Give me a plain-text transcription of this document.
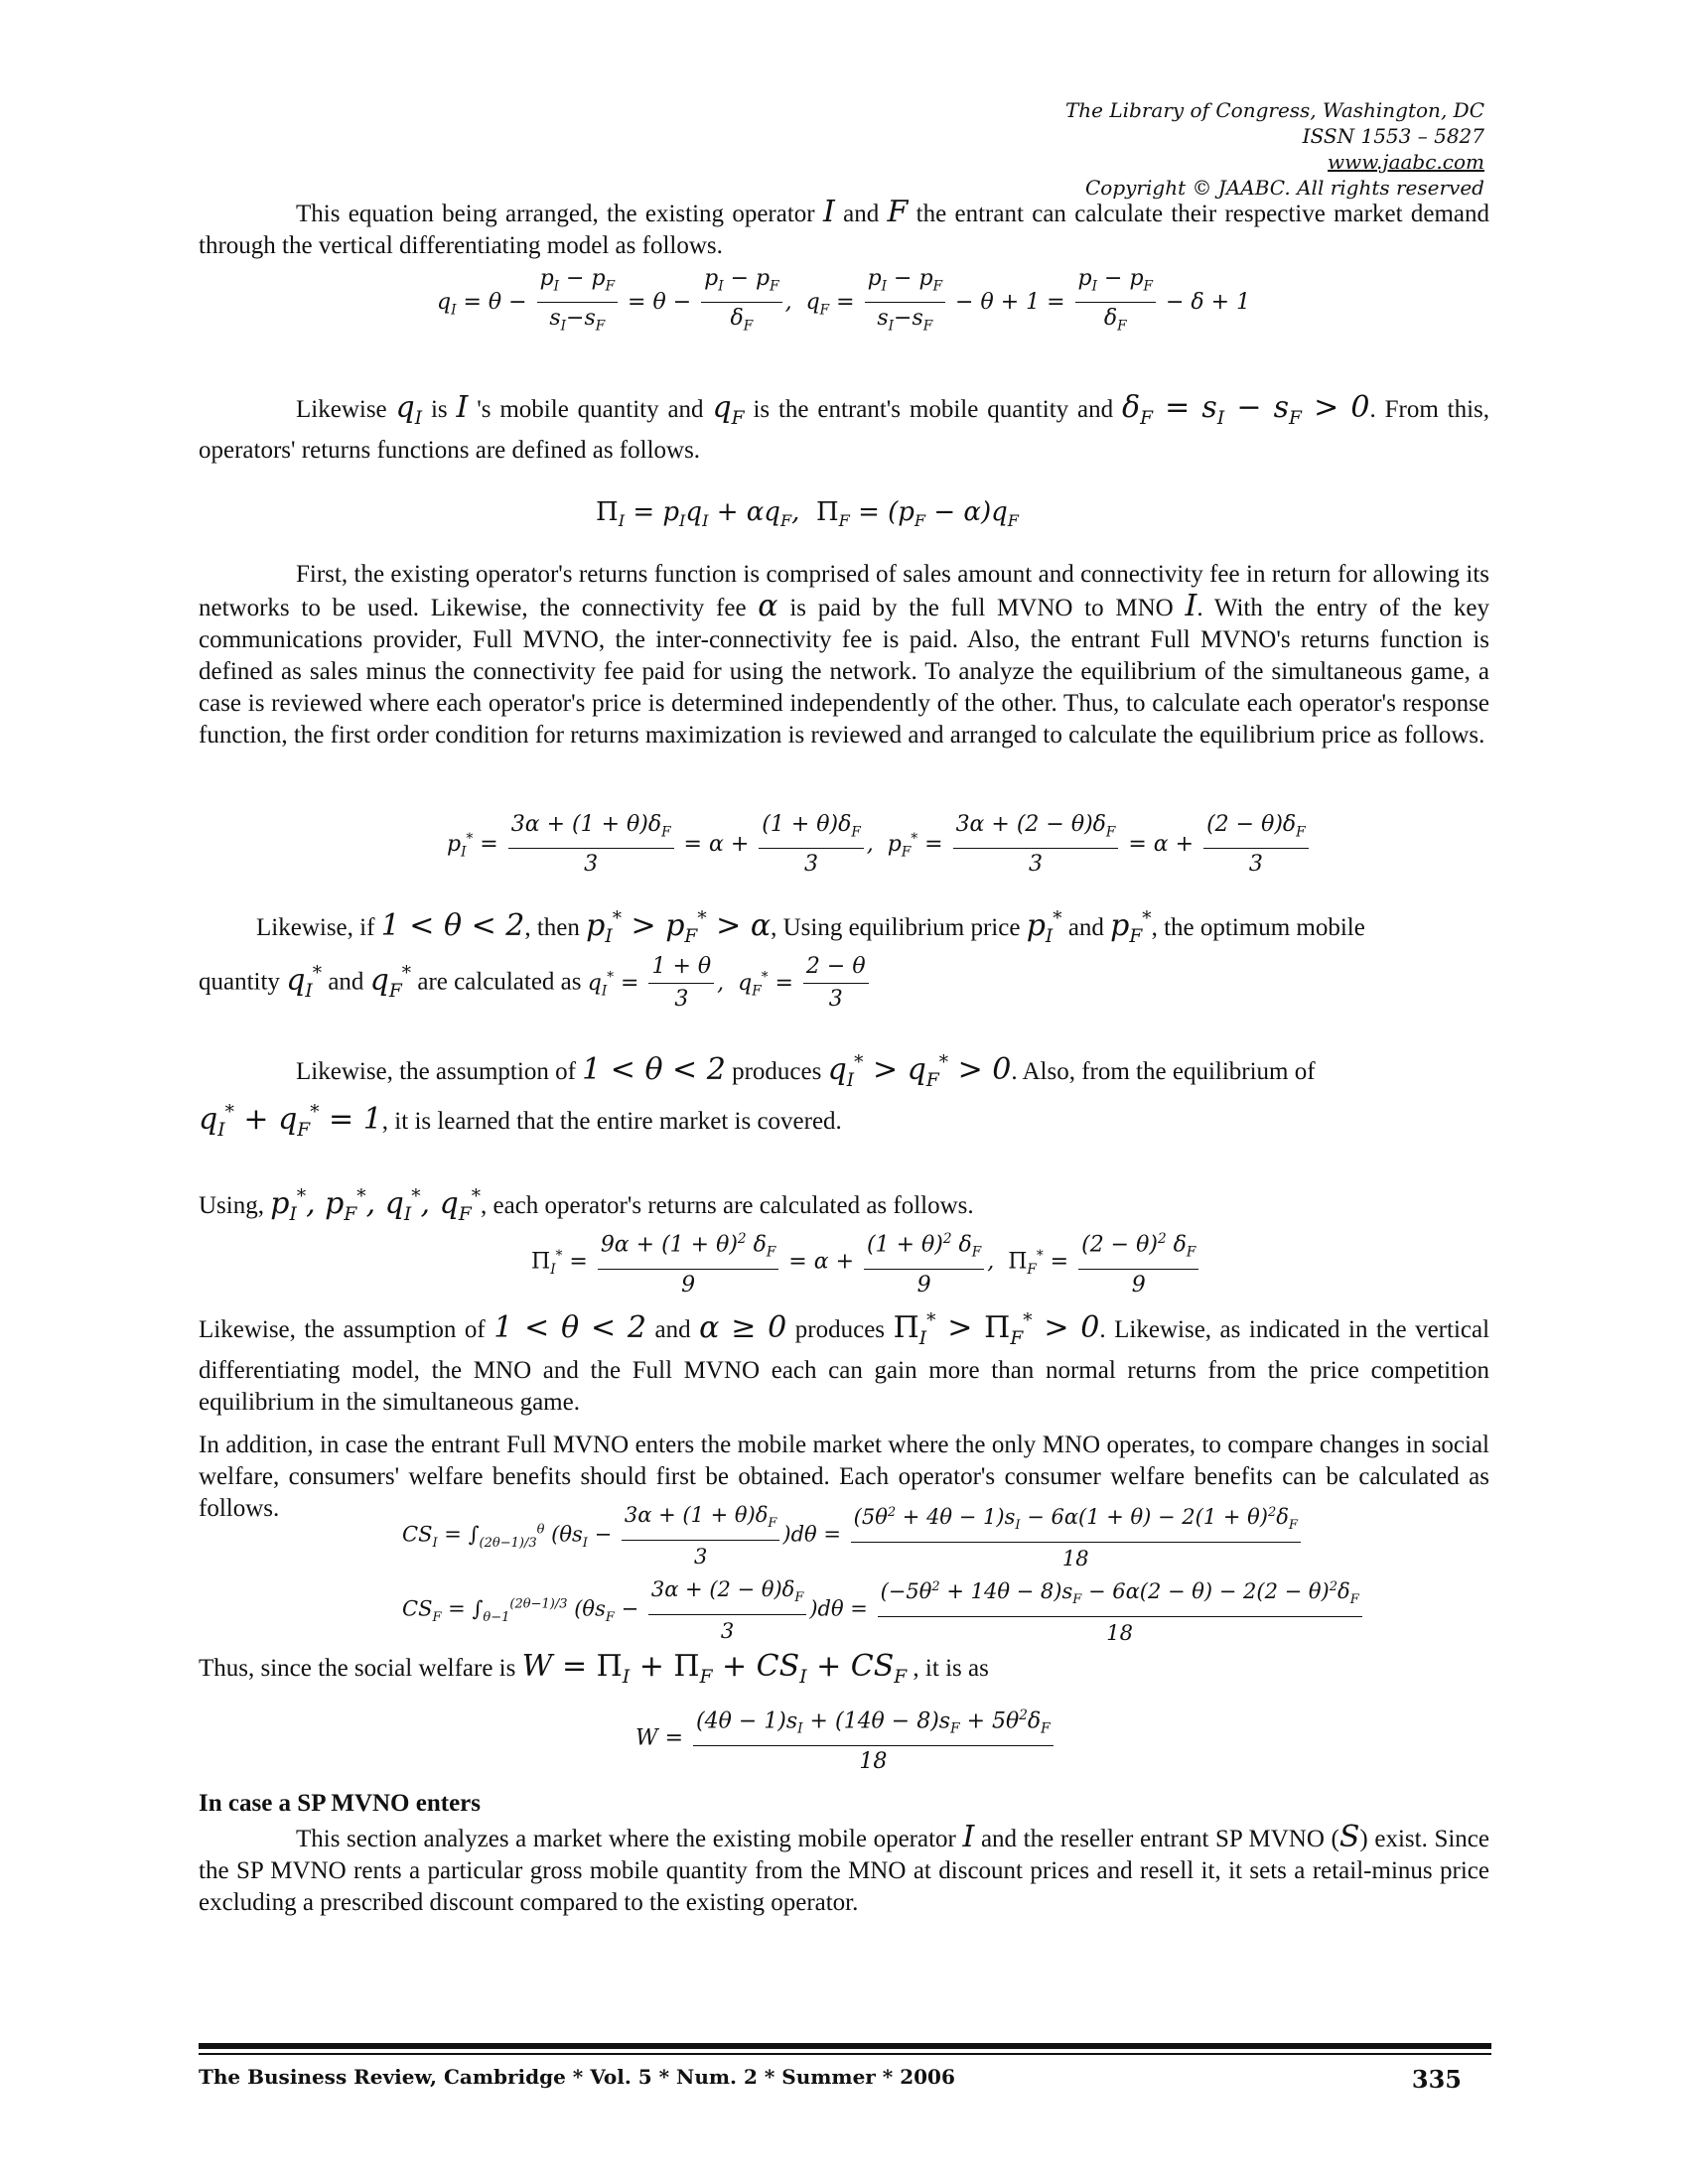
The Library of Congress, Washington, DC
ISSN 1553 – 5827
www.jaabc.com
Copyright © JAABC. All rights reserved
This equation being arranged, the existing operator I and F the entrant can calculate their respective market demand through the vertical differentiating model as follows.
$q_I = \theta - \frac{p_I - p_F}{s_I-s_F} = \theta - \frac{p_I - p_F}{\delta_F}$ ,  $q_F = \frac{p_I - p_F}{s_I-s_F} - \theta + 1 = \frac{p_I - p_F}{\delta_F} - \delta + 1$
Likewise $q_I$ is I 's mobile quantity and $q_F$ is the entrant's mobile quantity and $\delta_F = s_I - s_F > 0$. From this, operators' returns functions are defined as follows.
$\Pi_I = p_Iq_I + \alpha q_F$,  $\Pi_F = (p_F - \alpha)q_F$
First, the existing operator's returns function is comprised of sales amount and connectivity fee in return for allowing its networks to be used. Likewise, the connectivity fee α is paid by the full MVNO to MNO I. With the entry of the key communications provider, Full MVNO, the inter-connectivity fee is paid. Also, the entrant Full MVNO's returns function is defined as sales minus the connectivity fee paid for using the network. To analyze the equilibrium of the simultaneous game, a case is reviewed where each operator's price is determined independently of the other. Thus, to calculate each operator's response function, the first order condition for returns maximization is reviewed and arranged to calculate the equilibrium price as follows.
$p_I^* = \frac{3\alpha + (1 + \theta)\delta_F}{3} = \alpha + \frac{(1 + \theta)\delta_F}{3}$ ,  $p_F^* = \frac{3\alpha + (2 - \theta)\delta_F}{3} = \alpha + \frac{(2 - \theta)\delta_F}{3}$
Likewise, if 1 < θ < 2, then $p_I^* > p_F^* > \alpha$, Using equilibrium price $p_I^*$ and $p_F^*$, the optimum mobile
quantity $q_I^*$ and $q_F^*$ are calculated as $q_I^* = \frac{1 + \theta}{3}$ ,  $q_F^* = \frac{2 - \theta}{3}$
Likewise, the assumption of 1 < θ < 2 produces $q_I^* > q_F^* > 0$. Also, from the equilibrium of
$q_I^* + q_F^* = 1$, it is learned that the entire market is covered.
Using, $p_I^*$, $p_F^*$, $q_I^*$, $q_F^*$, each operator's returns are calculated as follows.
$\Pi_I^* = \frac{9\alpha + (1 + \theta)^2 \delta_F}{9} = \alpha + \frac{(1 + \theta)^2 \delta_F}{9}$ ,  $\Pi_F^* = \frac{(2 - \theta)^2 \delta_F}{9}$
Likewise, the assumption of 1 < θ < 2 and α ≥ 0 produces $\Pi_I^* > \Pi_F^* > 0$. Likewise, as indicated in the vertical differentiating model, the MNO and the Full MVNO each can gain more than normal returns from the price competition equilibrium in the simultaneous game.
In addition, in case the entrant Full MVNO enters the mobile market where the only MNO operates, to compare changes in social welfare, consumers' welfare benefits should first be obtained. Each operator's consumer welfare benefits can be calculated as follows.
$CS_I = \int_{(2\theta-1)/3}^\theta$ $(\theta s_I - \frac{3\alpha + (1 + \theta)\delta_F}{3} )d\theta = \frac{(5\theta^2 + 4\theta - 1)s_I - 6\alpha(1 + \theta) - 2(1 + \theta)^2\delta_F}{18}$
$CS_F = \int_{\theta-1}^{(2\theta-1)/3}$ $(\theta s_F - \frac{3\alpha + (2 - \theta)\delta_F}{3} )d\theta = \frac{(-5\theta^2 + 14\theta - 8)s_F - 6\alpha(2 - \theta) - 2(2 - \theta)^2\delta_F}{18}$
Thus, since the social welfare is $W = \Pi_I + \Pi_F + CS_I + CS_F$ , it is as
$W = \frac{(4\theta - 1)s_I + (14\theta - 8)s_F + 5\theta^2\delta_F}{18}$
This section analyzes a market where the existing mobile operator I and the reseller entrant SP MVNO (S) exist. Since the SP MVNO rents a particular gross mobile quantity from the MNO at discount prices and resell it, it sets a retail-minus price excluding a prescribed discount compared to the existing operator.
In case a SP MVNO enters
The Business Review, Cambridge * Vol. 5 * Num. 2 * Summer * 2006	335
